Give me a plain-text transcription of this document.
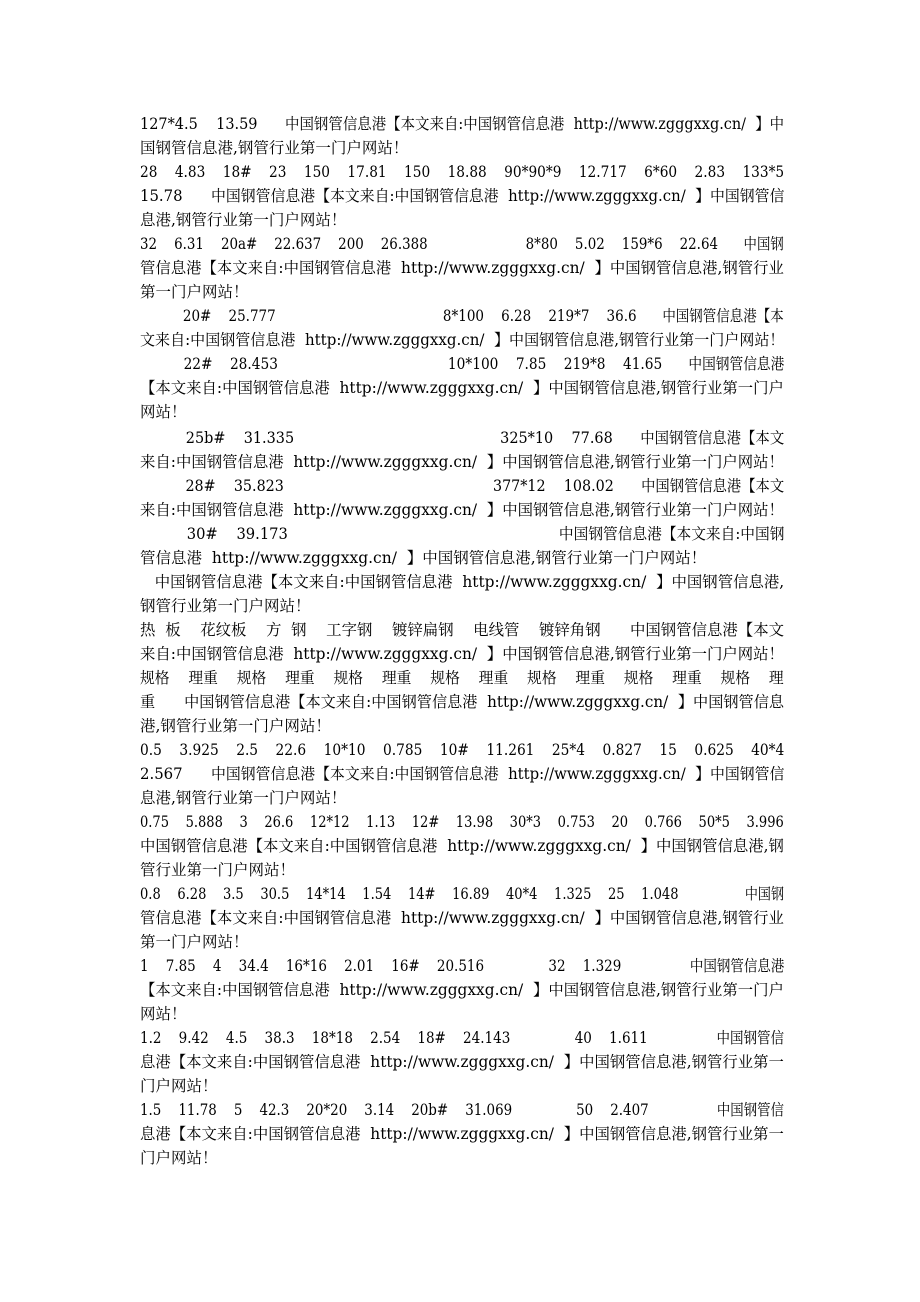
127*4.5    13.59      中国钢管信息港【本文来自:中国钢管信息港  http://www.zgggxxg.cn/  】中
国钢管信息港,钢管行业第一门户网站！
28    4.83    18#    23    150    17.81    150    18.88    90*90*9    12.717    6*60    2.83    133*5
15.78      中国钢管信息港【本文来自:中国钢管信息港  http://www.zgggxxg.cn/  】中国钢管信
息港,钢管行业第一门户网站！
32    6.31    20a#    22.637    200    26.388                       8*80    5.02    159*6    22.64      中国钢
管信息港【本文来自:中国钢管信息港  http://www.zgggxxg.cn/  】中国钢管信息港,钢管行业
第一门户网站！
20#    25.777                                       8*100    6.28    219*7    36.6      中国钢管信息港【本
文来自:中国钢管信息港  http://www.zgggxxg.cn/  】中国钢管信息港,钢管行业第一门户网站！
22#    28.453                                       10*100    7.85    219*8    41.65      中国钢管信息港
【本文来自:中国钢管信息港  http://www.zgggxxg.cn/  】中国钢管信息港,钢管行业第一门户
网站！
25b#    31.335                                             325*10    77.68      中国钢管信息港【本文
来自:中国钢管信息港  http://www.zgggxxg.cn/  】中国钢管信息港,钢管行业第一门户网站！
28#    35.823                                              377*12    108.02      中国钢管信息港【本文
来自:中国钢管信息港  http://www.zgggxxg.cn/  】中国钢管信息港,钢管行业第一门户网站！
30#    39.173                                                          中国钢管信息港【本文来自:中国钢
管信息港  http://www.zgggxxg.cn/  】中国钢管信息港,钢管行业第一门户网站！
中国钢管信息港【本文来自:中国钢管信息港  http://www.zgggxxg.cn/  】中国钢管信息港,
钢管行业第一门户网站！
热  板    花纹板    方  钢    工字钢    镀锌扁钢    电线管    镀锌角钢      中国钢管信息港【本文
来自:中国钢管信息港  http://www.zgggxxg.cn/  】中国钢管信息港,钢管行业第一门户网站！
规格    理重    规格    理重    规格    理重    规格    理重    规格    理重    规格    理重    规格    理
重      中国钢管信息港【本文来自:中国钢管信息港  http://www.zgggxxg.cn/  】中国钢管信息
港,钢管行业第一门户网站！
0.5    3.925    2.5    22.6    10*10    0.785    10#    11.261    25*4    0.827    15    0.625    40*4
2.567      中国钢管信息港【本文来自:中国钢管信息港  http://www.zgggxxg.cn/  】中国钢管信
息港,钢管行业第一门户网站！
0.75    5.888    3    26.6    12*12    1.13    12#    13.98    30*3    0.753    20    0.766    50*5    3.996
中国钢管信息港【本文来自:中国钢管信息港  http://www.zgggxxg.cn/  】中国钢管信息港,钢
管行业第一门户网站！
0.8    6.28    3.5    30.5    14*14    1.54    14#    16.89    40*4    1.325    25    1.048                中国钢
管信息港【本文来自:中国钢管信息港  http://www.zgggxxg.cn/  】中国钢管信息港,钢管行业
第一门户网站！
1    7.85    4    34.4    16*16    2.01    16#    20.516               32    1.329                中国钢管信息港
【本文来自:中国钢管信息港  http://www.zgggxxg.cn/  】中国钢管信息港,钢管行业第一门户
网站！
1.2    9.42    4.5    38.3    18*18    2.54    18#    24.143               40    1.611                中国钢管信
息港【本文来自:中国钢管信息港  http://www.zgggxxg.cn/  】中国钢管信息港,钢管行业第一
门户网站！
1.5    11.78    5    42.3    20*20    3.14    20b#    31.069               50    2.407                中国钢管信
息港【本文来自:中国钢管信息港  http://www.zgggxxg.cn/  】中国钢管信息港,钢管行业第一
门户网站！
